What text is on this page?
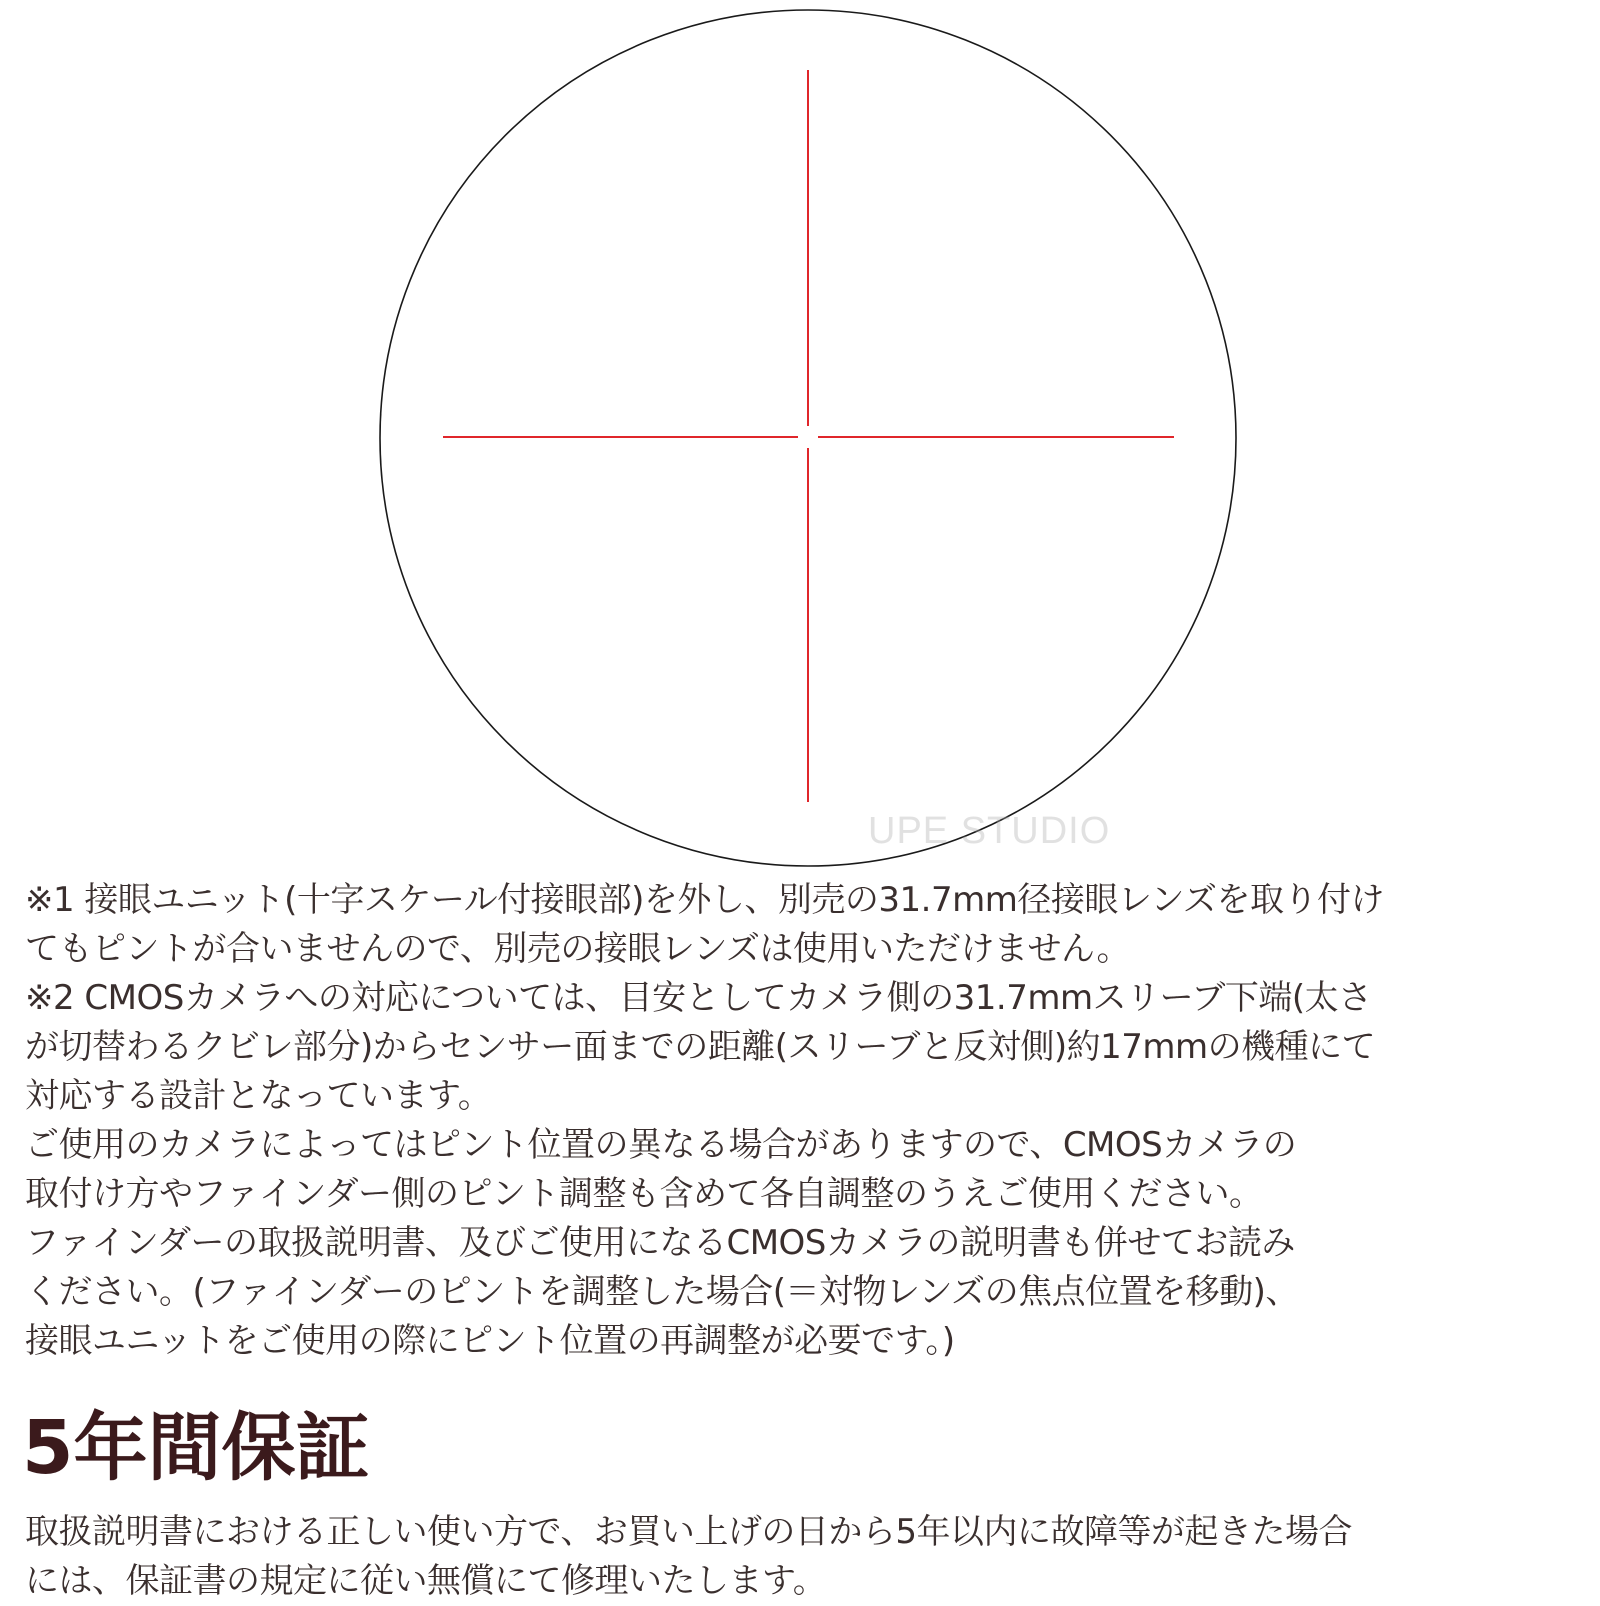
UPE STUDIO
※1 接眼ユニット(十字スケール付接眼部)を外し、別売の31.7mm径接眼レンズを取り付け
てもピントが合いませんので、別売の接眼レンズは使用いただけません。
※2 CMOSカメラへの対応については、目安としてカメラ側の31.7mmスリーブ下端(太さ
が切替わるクビレ部分)からセンサー面までの距離(スリーブと反対側)約17mmの機種にて
対応する設計となっています。
ご使用のカメラによってはピント位置の異なる場合がありますので、CMOSカメラの
取付け方やファインダー側のピント調整も含めて各自調整のうえご使用ください。
ファインダーの取扱説明書、及びご使用になるCMOSカメラの説明書も併せてお読み
ください。(ファインダーのピントを調整した場合(＝対物レンズの焦点位置を移動)、
接眼ユニットをご使用の際にピント位置の再調整が必要です。)
5年間保証
取扱説明書における正しい使い方で、お買い上げの日から5年以内に故障等が起きた場合
には、保証書の規定に従い無償にて修理いたします。
